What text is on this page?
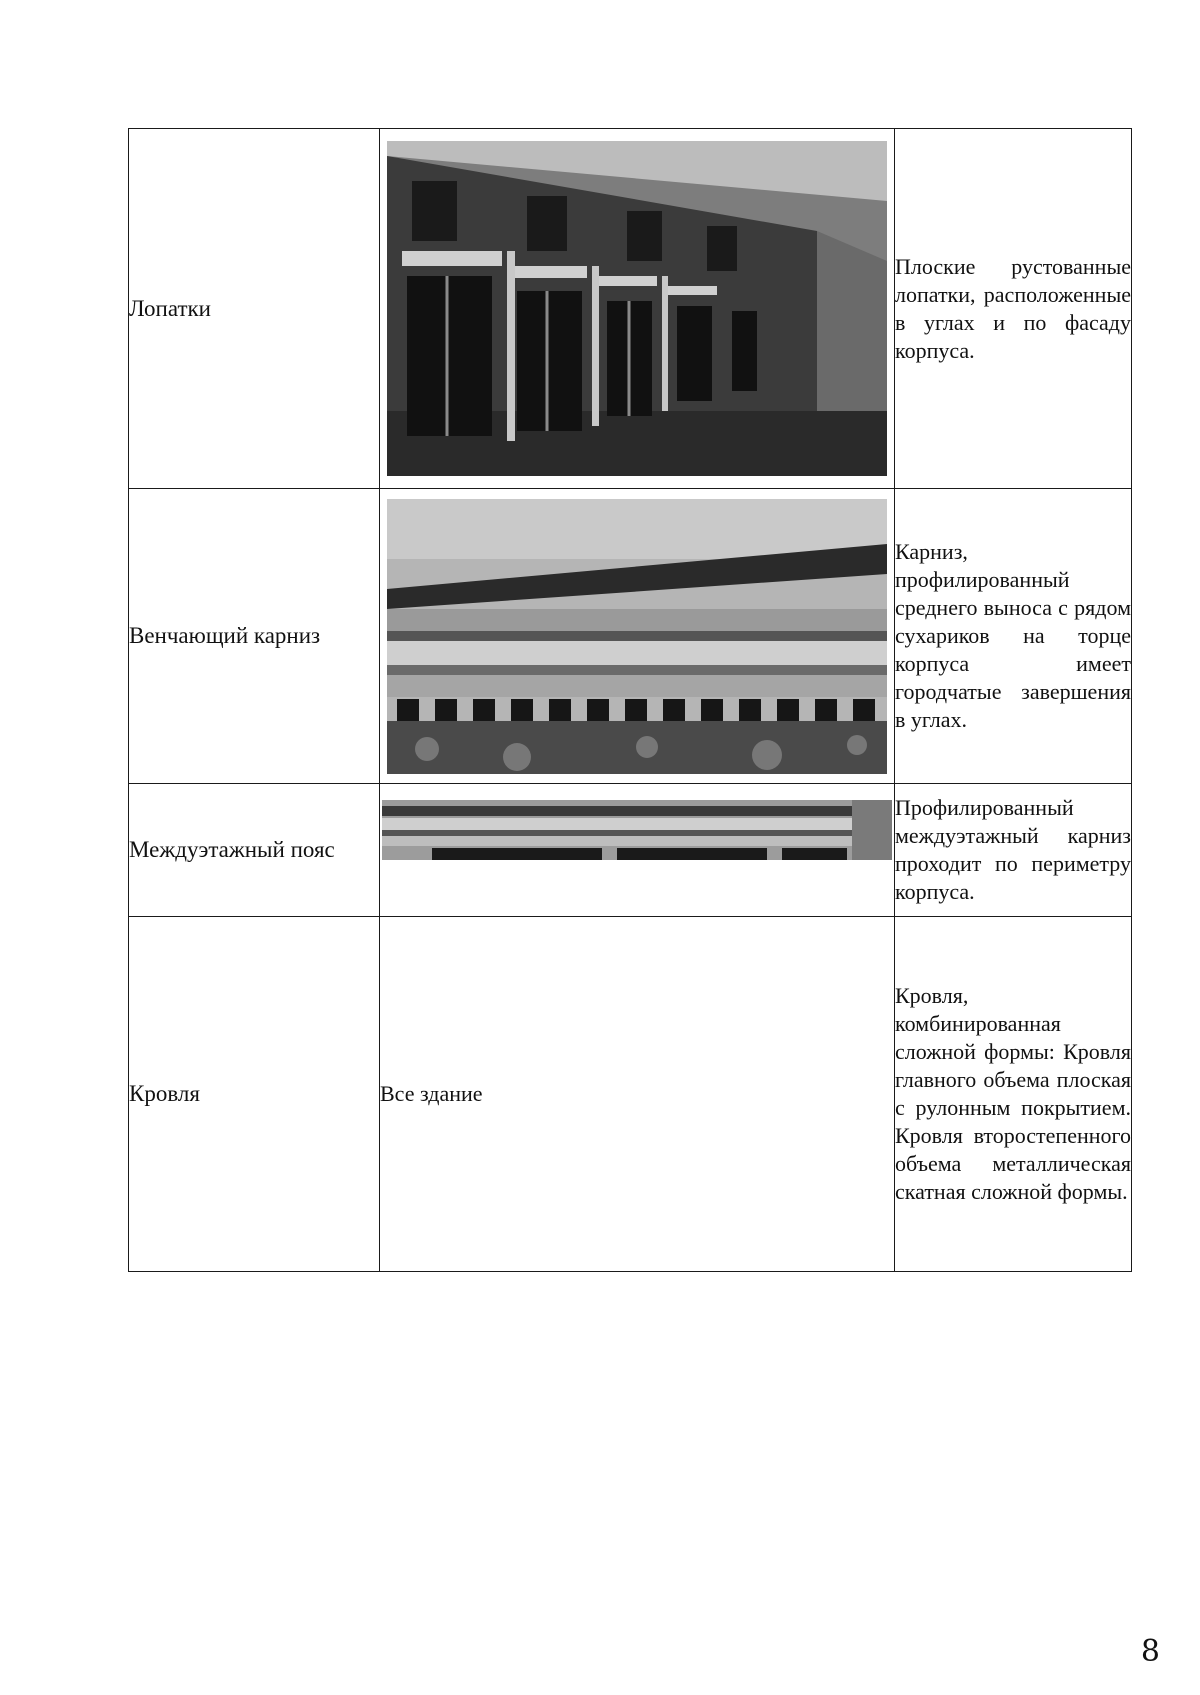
Лопатки		Плоские рустованные лопатки, расположенные в углах и по фасаду корпуса.
Венчающий карниз		Карниз, профилированный среднего выноса с рядом сухариков на торце корпуса имеет городчатые завершения в углах.
Междуэтажный пояс		Профилированный междуэтажный карниз проходит по периметру корпуса.
Кровля	Все здание	Кровля, комбинированная сложной формы: Кровля главного объема плоская с рулонным покрытием. Кровля второстепенного объема металлическая скатная сложной формы.
8
